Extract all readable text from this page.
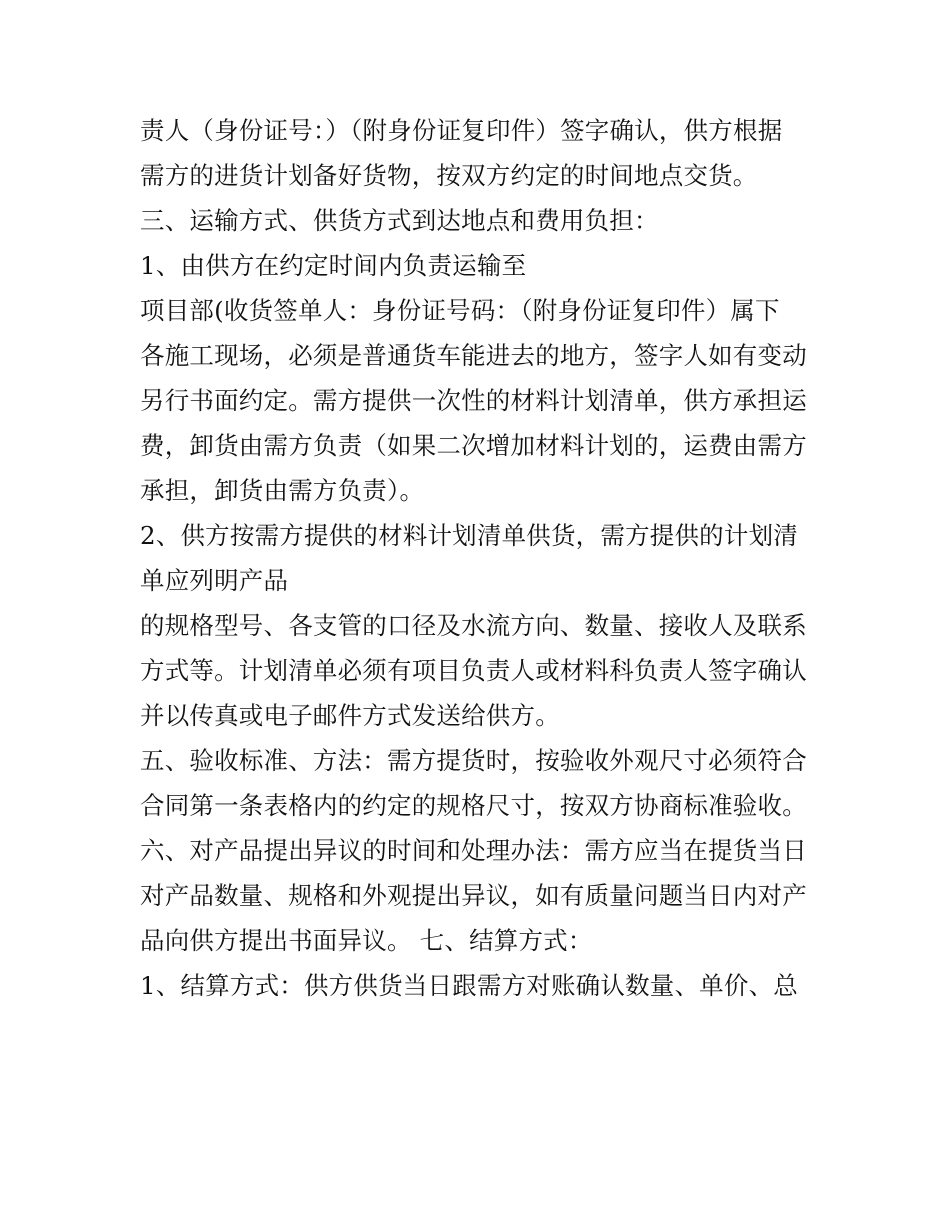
责人（身份证号：）（附身份证复印件）签字确认，供方根据
需方的进货计划备好货物，按双方约定的时间地点交货。
三、运输方式、供货方式到达地点和费用负担：
1、由供方在约定时间内负责运输至
项目部(收货签单人：身份证号码：（附身份证复印件）属下
各施工现场，必须是普通货车能进去的地方，签字人如有变动
另行书面约定。需方提供一次性的材料计划清单，供方承担运
费，卸货由需方负责（如果二次增加材料计划的，运费由需方
承担，卸货由需方负责）。
2、供方按需方提供的材料计划清单供货，需方提供的计划清
单应列明产品
的规格型号、各支管的口径及水流方向、数量、接收人及联系
方式等。计划清单必须有项目负责人或材料科负责人签字确认
并以传真或电子邮件方式发送给供方。
五、验收标准、方法：需方提货时，按验收外观尺寸必须符合
合同第一条表格内的约定的规格尺寸，按双方协商标准验收。
六、对产品提出异议的时间和处理办法：需方应当在提货当日
对产品数量、规格和外观提出异议，如有质量问题当日内对产
品向供方提出书面异议。 七、结算方式：
1、结算方式：供方供货当日跟需方对账确认数量、单价、总
